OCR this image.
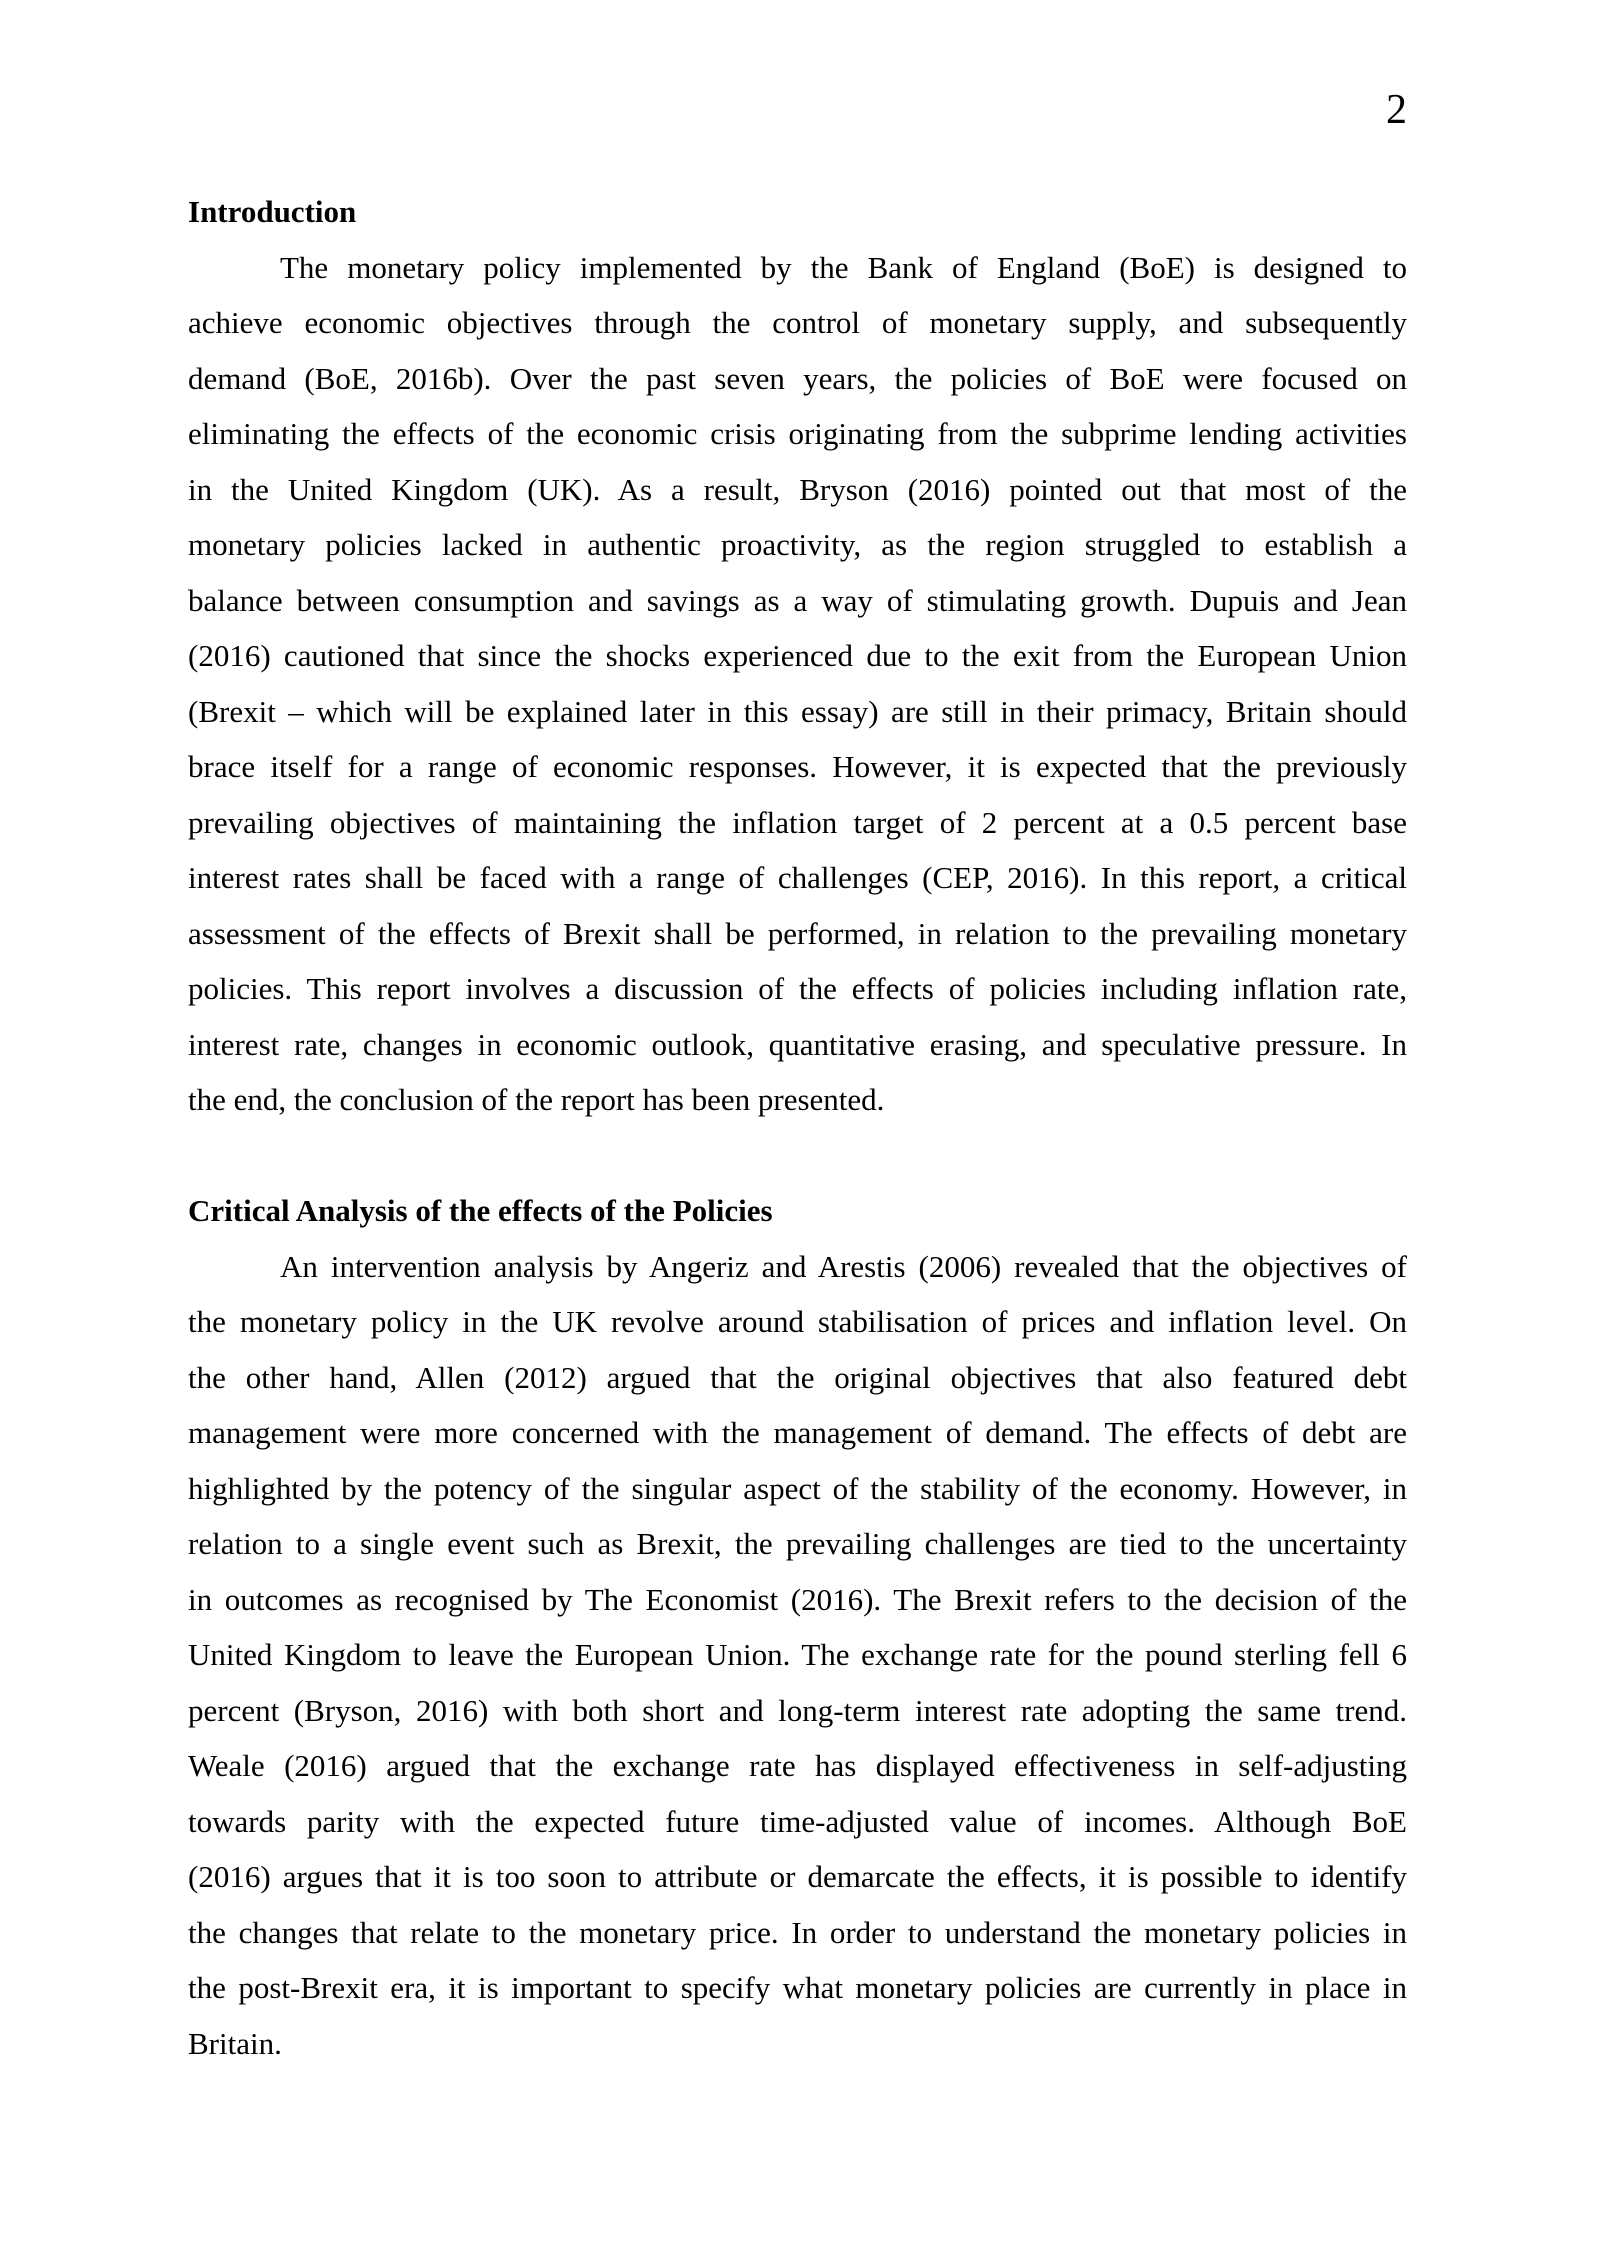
2
Introduction
The monetary policy implemented by the Bank of England (BoE) is designed to
achieve economic objectives through the control of monetary supply, and subsequently
demand (BoE, 2016b). Over the past seven years, the policies of BoE were focused on
eliminating the effects of the economic crisis originating from the subprime lending activities
in the United Kingdom (UK). As a result, Bryson (2016) pointed out that most of the
monetary policies lacked in authentic proactivity, as the region struggled to establish a
balance between consumption and savings as a way of stimulating growth. Dupuis and Jean
(2016) cautioned that since the shocks experienced due to the exit from the European Union
(Brexit – which will be explained later in this essay) are still in their primacy, Britain should
brace itself for a range of economic responses. However, it is expected that the previously
prevailing objectives of maintaining the inflation target of 2 percent at a 0.5 percent base
interest rates shall be faced with a range of challenges (CEP, 2016). In this report, a critical
assessment of the effects of Brexit shall be performed, in relation to the prevailing monetary
policies. This report involves a discussion of the effects of policies including inflation rate,
interest rate, changes in economic outlook, quantitative erasing, and speculative pressure. In
the end, the conclusion of the report has been presented.
Critical Analysis of the effects of the Policies
An intervention analysis by Angeriz and Arestis (2006) revealed that the objectives of
the monetary policy in the UK revolve around stabilisation of prices and inflation level. On
the other hand, Allen (2012) argued that the original objectives that also featured debt
management were more concerned with the management of demand. The effects of debt are
highlighted by the potency of the singular aspect of the stability of the economy. However, in
relation to a single event such as Brexit, the prevailing challenges are tied to the uncertainty
in outcomes as recognised by The Economist (2016). The Brexit refers to the decision of the
United Kingdom to leave the European Union. The exchange rate for the pound sterling fell 6
percent (Bryson, 2016) with both short and long-term interest rate adopting the same trend.
Weale (2016) argued that the exchange rate has displayed effectiveness in self-adjusting
towards parity with the expected future time-adjusted value of incomes. Although BoE
(2016) argues that it is too soon to attribute or demarcate the effects, it is possible to identify
the changes that relate to the monetary price. In order to understand the monetary policies in
the post-Brexit era, it is important to specify what monetary policies are currently in place in
Britain.
